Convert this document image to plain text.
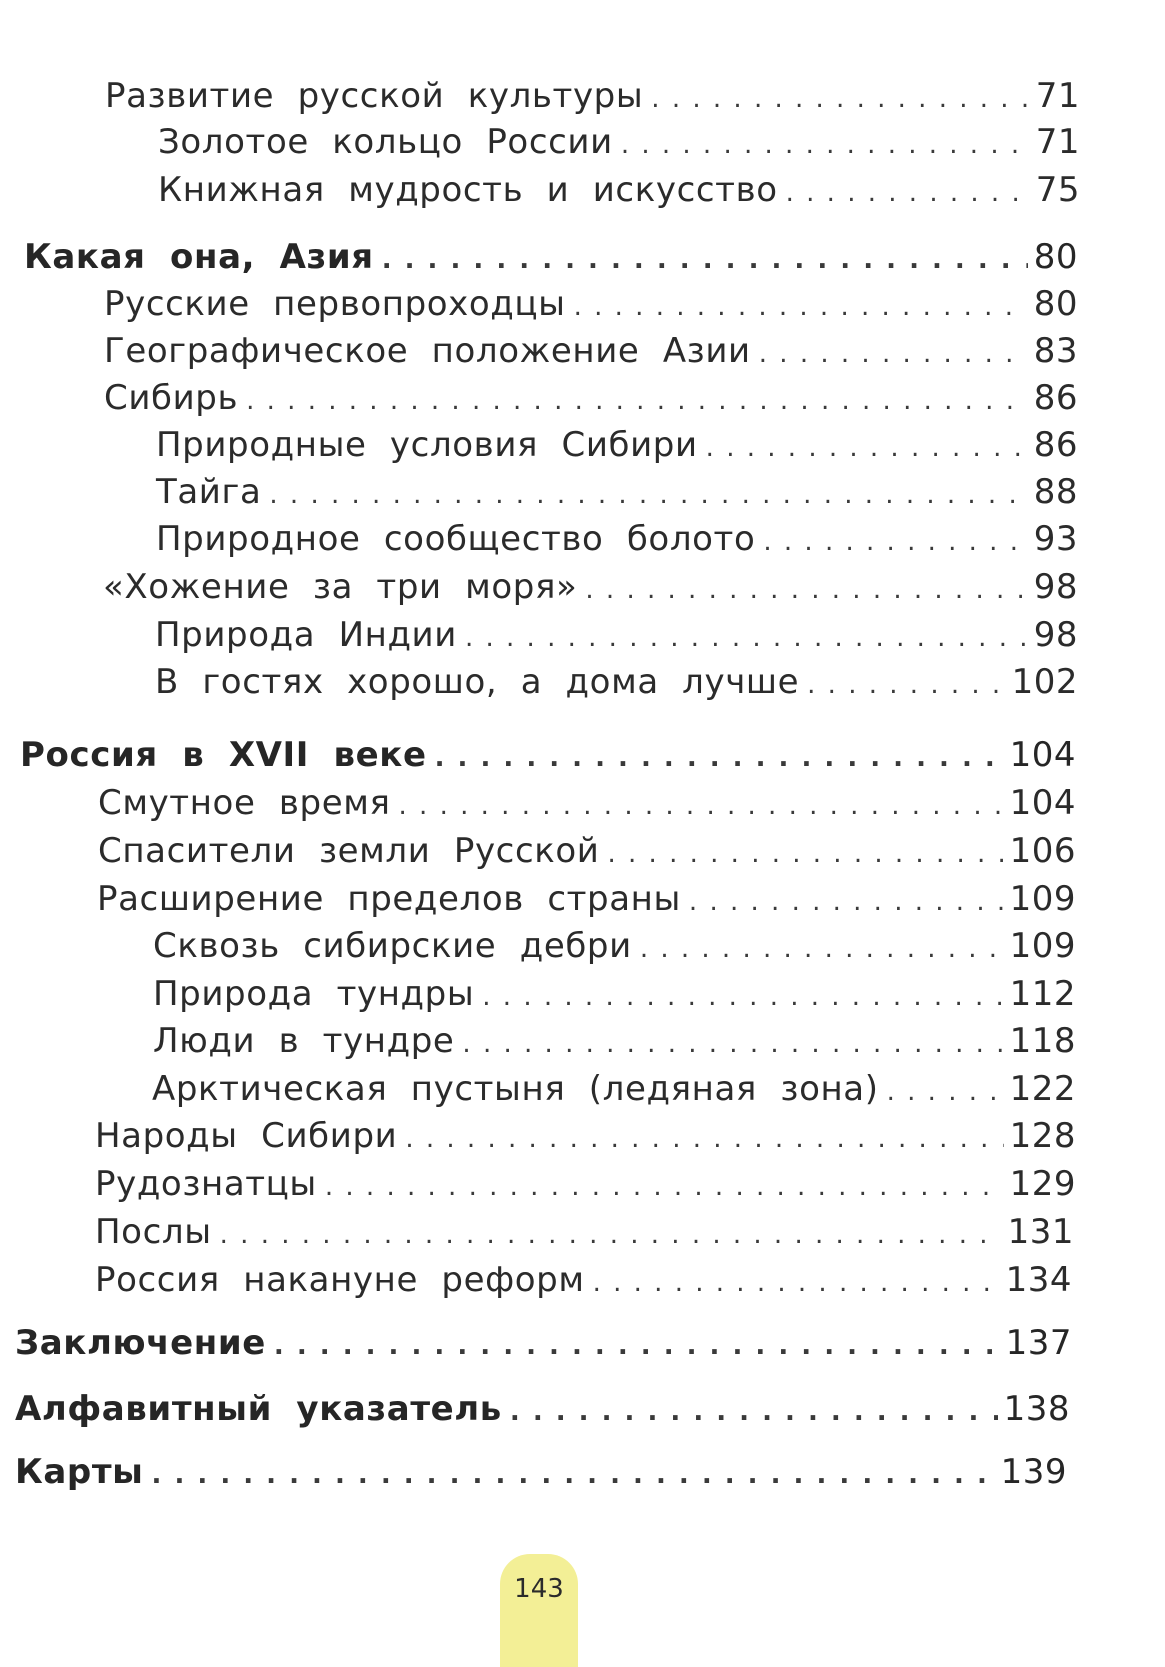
Развитие русской культуры . . .	71
Золотое кольцо России . . .	71
Книжная мудрость и искусство . . .	75
Какая она, Азия . . .	80
Русские первопроходцы . . .	80
Географическое положение Азии . . .	83
Сибирь . . .	86
Природные условия Сибири . . .	86
Тайга . . .	88
Природное сообщество болото . . .	93
«Хожение за три моря» . . .	98
Природа Индии . . .	98
В гостях хорошо, а дома лучше . . .	102
Россия в XVII веке . . .	104
Смутное время . . .	104
Спасители земли Русской . . .	106
Расширение пределов страны . . .	109
Сквозь сибирские дебри . . .	109
Природа тундры . . .	112
Люди в тундре . . .	118
Арктическая пустыня (ледяная зона) . . .	122
Народы Сибири . . .	128
Рудознатцы . . .	129
Послы . . .	131
Россия накануне реформ . . .	134
Заключение . . .	137
Алфавитный указатель . . .	138
Карты . . .	139
143
